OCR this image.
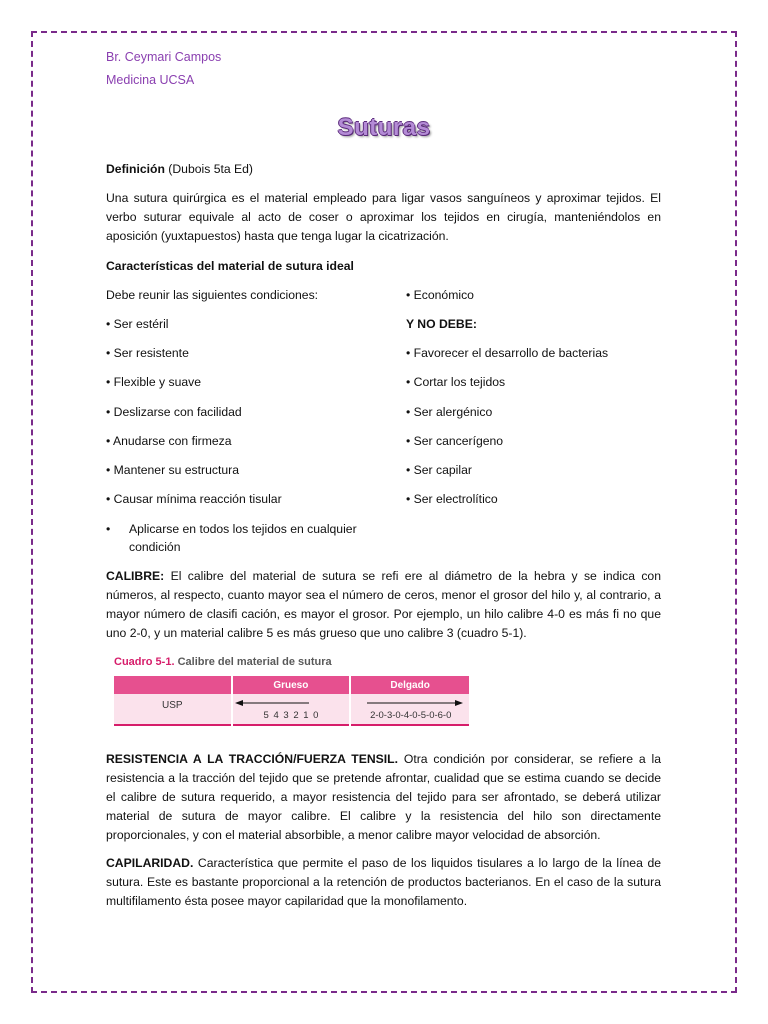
Br. Ceymari Campos
Medicina UCSA
Suturas
Definición (Dubois 5ta Ed)
Una sutura quirúrgica es el material empleado para ligar vasos sanguíneos y aproximar tejidos. El verbo suturar equivale al acto de coser o aproximar los tejidos en cirugía, manteniéndolos en aposición (yuxtapuestos) hasta que tenga lugar la cicatrización.
Características del material de sutura ideal
Debe reunir las siguientes condiciones:
• Ser estéril
• Ser resistente
• Flexible y suave
• Deslizarse con facilidad
• Anudarse con firmeza
• Mantener su estructura
• Causar mínima reacción tisular
• Aplicarse en todos los tejidos en cualquier
condición
• Económico
Y NO DEBE:
• Favorecer el desarrollo de bacterias
• Cortar los tejidos
• Ser alergénico
• Ser cancerígeno
• Ser capilar
• Ser electrolítico
CALIBRE: El calibre del material de sutura se refi ere al diámetro de la hebra y se indica con números, al respecto, cuanto mayor sea el número de ceros, menor el grosor del hilo y, al contrario, a mayor número de clasifi cación, es mayor el grosor. Por ejemplo, un hilo calibre 4-0 es más fi no que uno 2-0, y un material calibre 5 es más grueso que uno calibre 3 (cuadro 5-1).
Cuadro 5-1. Calibre del material de sutura
	Grueso	Delgado
USP	5 4 3 2 1 0	2-0-3-0-4-0-5-0-6-0
RESISTENCIA A LA TRACCIÓN/FUERZA TENSIL. Otra condición por considerar, se refiere a la resistencia a la tracción del tejido que se pretende afrontar, cualidad que se estima cuando se decide el calibre de sutura requerido, a mayor resistencia del tejido para ser afrontado, se deberá utilizar material de sutura de mayor calibre. El calibre y la resistencia del hilo son directamente proporcionales, y con el material absorbible, a menor calibre mayor velocidad de absorción.
CAPILARIDAD. Característica que permite el paso de los liquidos tisulares a lo largo de la línea de sutura. Este es bastante proporcional a la retención de productos bacterianos. En el caso de la sutura multifilamento ésta posee mayor capilaridad que la monofilamento.
